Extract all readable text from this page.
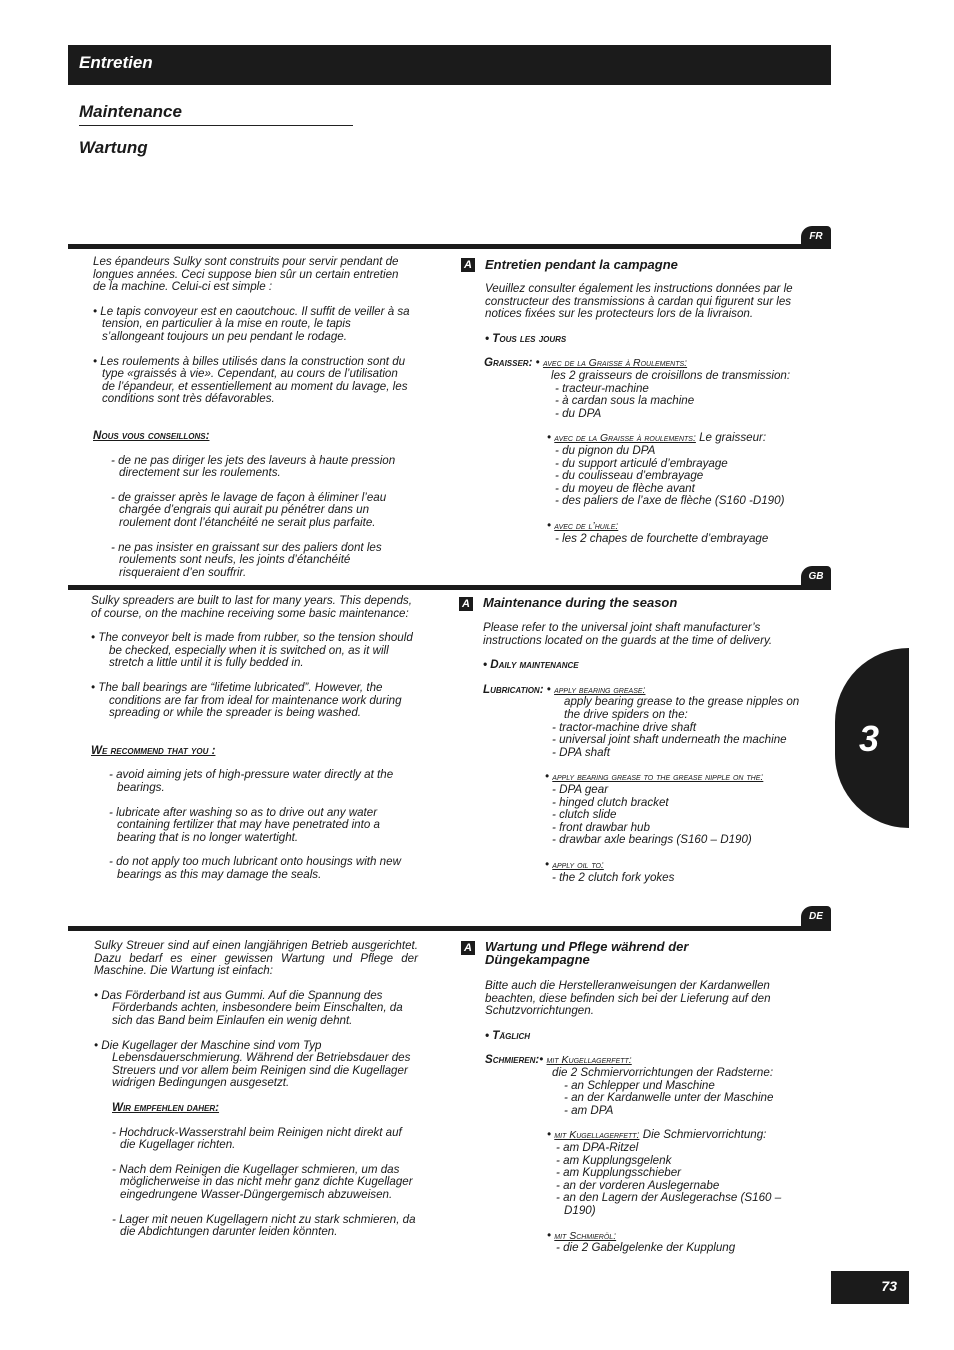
Entretien
Maintenance
Wartung
FR

Les épandeurs Sulky sont construits pour servir pendant de longues années. Ceci suppose bien sûr un certain entretien de la machine. Celui-ci est simple :

• Le tapis convoyeur est en caoutchouc. Il suffit de veiller à sa tension, en particulier à la mise en route, le tapis s’allongeant toujours un peu pendant le rodage.

• Les roulements à billes utilisés dans la construction sont du type «graissés à vie». Cependant, au cours de l’utilisation de l’épandeur, et essentiellement au moment du lavage, les conditions sont très défavorables.

Nous vous conseillons:

- de ne pas diriger les jets des laveurs à haute pression directement sur les roulements.

- de graisser après le lavage de façon à éliminer l’eau chargée d’engrais qui aurait pu pénétrer dans un roulement dont l’étanchéité ne serait plus parfaite.

- ne pas insister en graissant sur des paliers dont les roulements sont neufs, les joints d’étanchéité risqueraient d’en souffrir.

A Entretien pendant la campagne

Veuillez consulter également les instructions données par le constructeur des transmissions à cardan qui figurent sur les notices fixées sur les protecteurs lors de la livraison.

• Tous les jours

Graisser: • avec de la Graisse à Roulements:

les 2 graisseurs de croisillons de transmission:

- tracteur-machine

- à cardan sous la machine

- du DPA

• avec de la Graisse à roulements: Le graisseur:

- du pignon du DPA

- du support articulé d’embrayage

- du coulisseau d’embrayage

- du moyeu de flèche avant

- des paliers de l’axe de flèche (S160 -D190)

• avec de l’huile:

- les 2 chapes de fourchette d’embrayage

GB

Sulky spreaders are built to last for many years. This depends, of course, on the machine receiving some basic maintenance:

• The conveyor belt is made from rubber, so the tension should be checked, especially when it is switched on, as it will stretch a little until it is fully bedded in.

• The ball bearings are “lifetime lubricated”. However, the conditions are far from ideal for maintenance work during spreading or while the spreader is being washed.

We recommend that you :

- avoid aiming jets of high-pressure water directly at the bearings.

- lubricate after washing so as to drive out any water containing fertilizer that may have penetrated into a bearing that is no longer watertight.

- do not apply too much lubricant onto housings with new bearings as this may damage the seals.

A Maintenance during the season

Please refer to the universal joint shaft manufacturer’s instructions located on the guards at the time of delivery.

• Daily maintenance

Lubrication: • apply bearing grease:

apply bearing grease to the grease nipples on the drive spiders on the:

- tractor-machine drive shaft

- universal joint shaft underneath the machine

- DPA shaft

• apply bearing grease to the grease nipple on the:

- DPA gear

- hinged clutch bracket

- clutch slide

- front drawbar hub

- drawbar axle bearings (S160 – D190)

• apply oil to:

- the 2 clutch fork yokes

3
DE

Sulky Streuer sind auf einen langjährigen Betrieb ausgerichtet. Dazu bedarf es einer gewissen Wartung und Pflege der Maschine. Die Wartung ist einfach:

• Das Förderband ist aus Gummi. Auf die Spannung des Förderbands achten, insbesondere beim Einschalten, da sich das Band beim Einlaufen ein wenig dehnt.

• Die Kugellager der Maschine sind vom Typ Lebensdauerschmierung. Während der Betriebsdauer des Streuers und vor allem beim Reinigen sind die Kugellager widrigen Bedingungen ausgesetzt.

Wir empfehlen daher:

- Hochdruck-Wasserstrahl beim Reinigen nicht direkt auf die Kugellager richten.

- Nach dem Reinigen die Kugellager schmieren, um das möglicherweise in das nicht mehr ganz dichte Kugellager eingedrungene Wasser-Düngergemisch abzuweisen.

- Lager mit neuen Kugellagern nicht zu stark schmieren, da die Abdichtungen darunter leiden könnten.

A Wartung und Pflege während der Düngekampagne

Bitte auch die Herstelleranweisungen der Kardanwellen beachten, diese befinden sich bei der Lieferung auf den Schutzvorrichtungen.

• Täglich

Schmieren:• mit Kugellagerfett:

die 2 Schmiervorrichtungen der Radsterne:

- an Schlepper und Maschine

- an der Kardanwelle unter der Maschine

- am DPA

• mit Kugellagerfett: Die Schmiervorrichtung:

- am DPA-Ritzel

- am Kupplungsgelenk

- am Kupplungsschieber

- an der vorderen Auslegernabe

- an den Lagern der Auslegerachse (S160 –D190)

• mit Schmieröl:

- die 2 Gabelgelenke der Kupplung

73
